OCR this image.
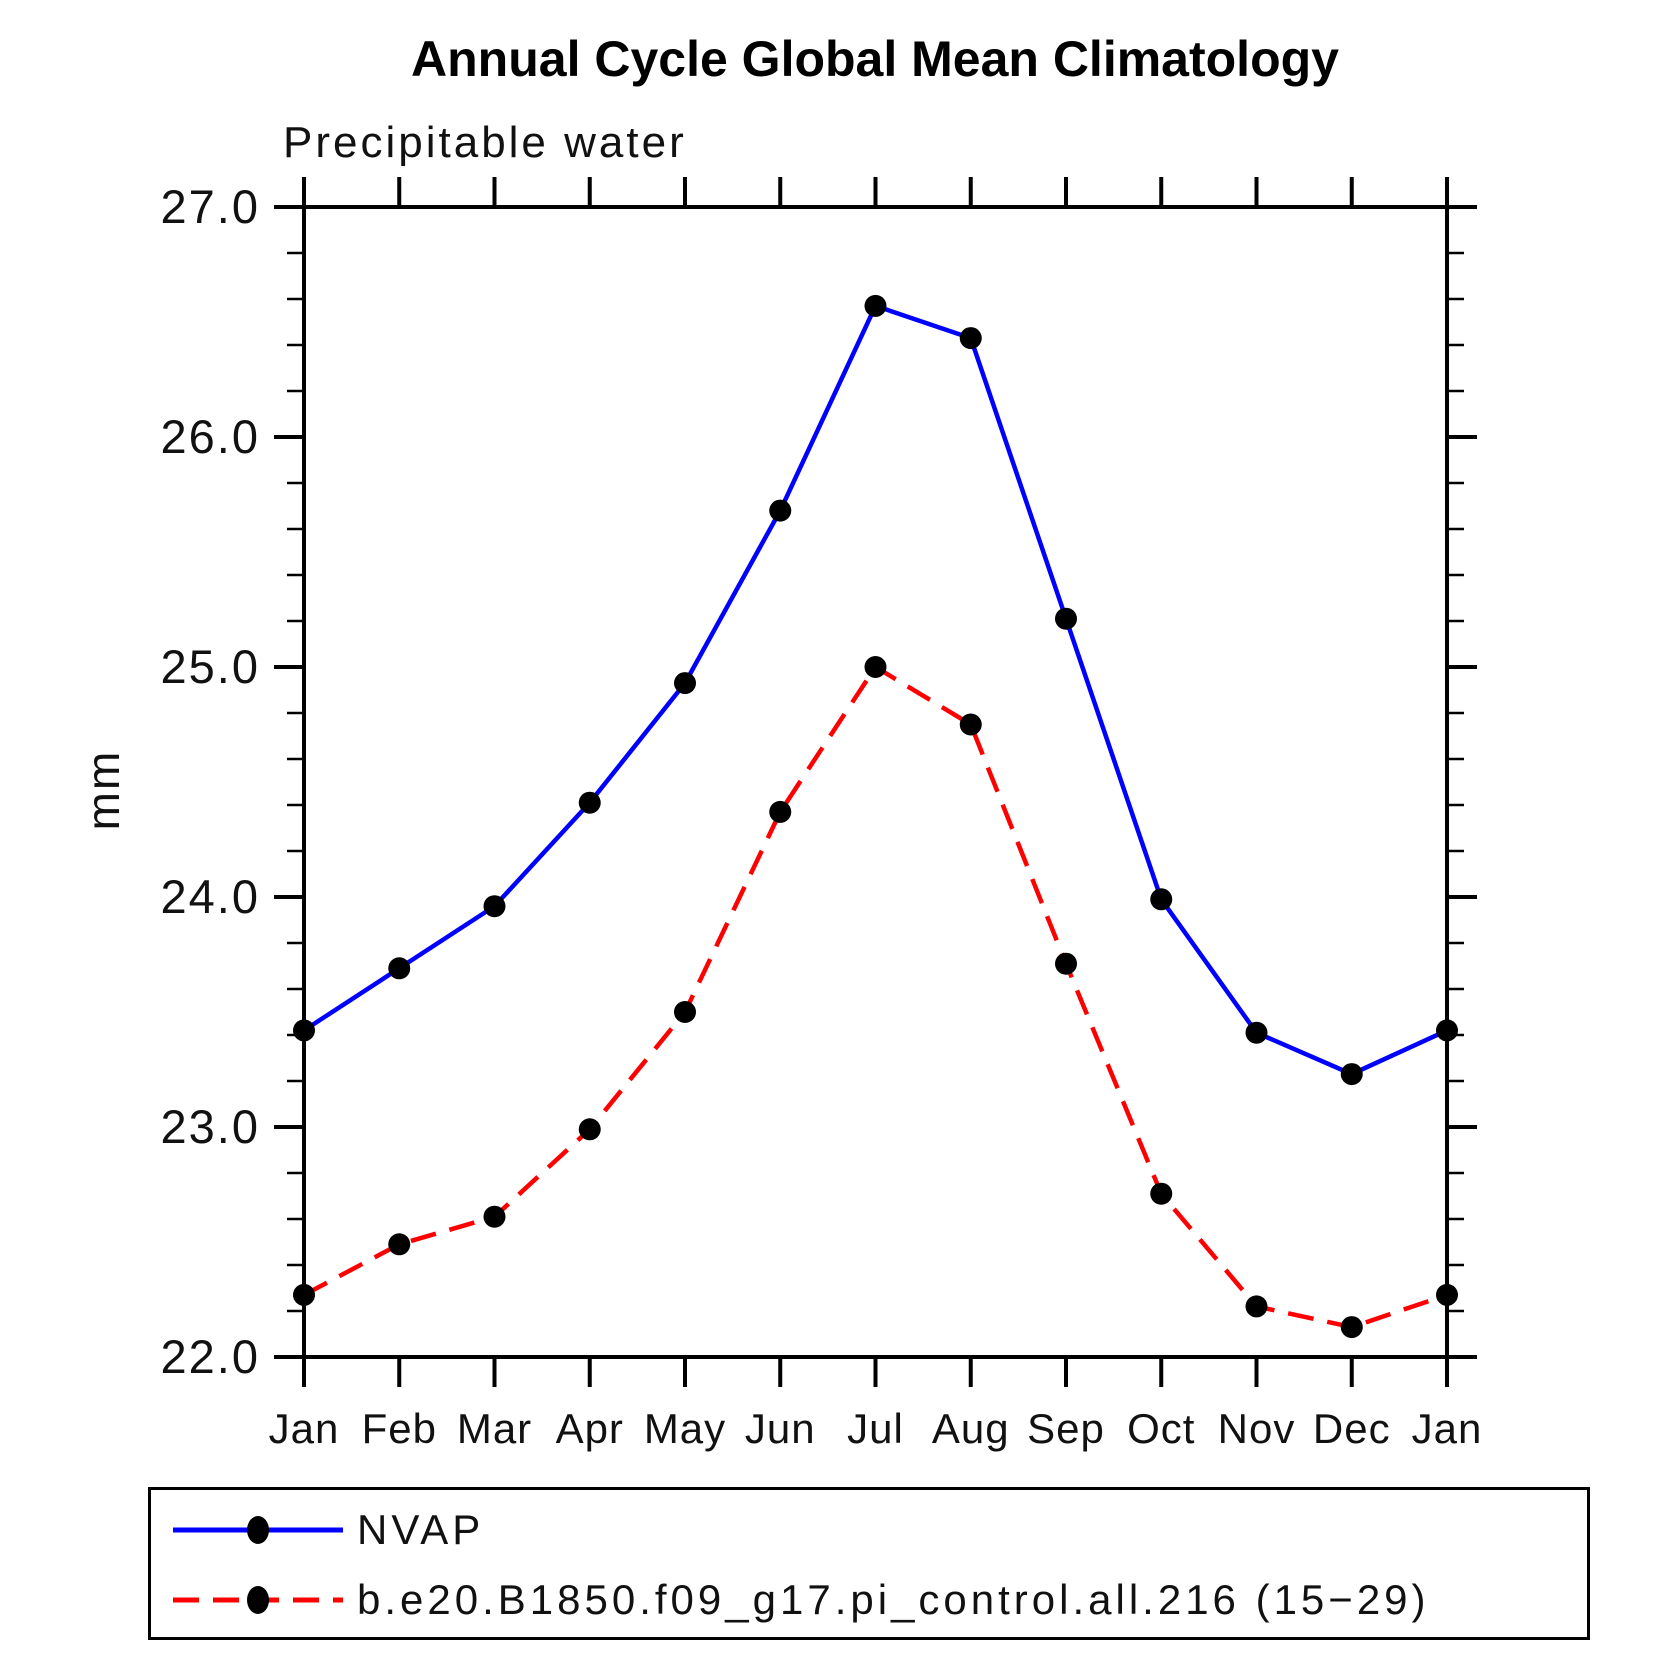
Annual Cycle Global Mean Climatology
Precipitable water
mm
Jan Feb Mar Apr May Jun Jul Aug Sep Oct Nov Dec Jan
22.0
23.0
24.0
25.0
26.0
27.0
NVAP
b.e20.B1850.f09_g17.pi_control.all.216 (15−29)
